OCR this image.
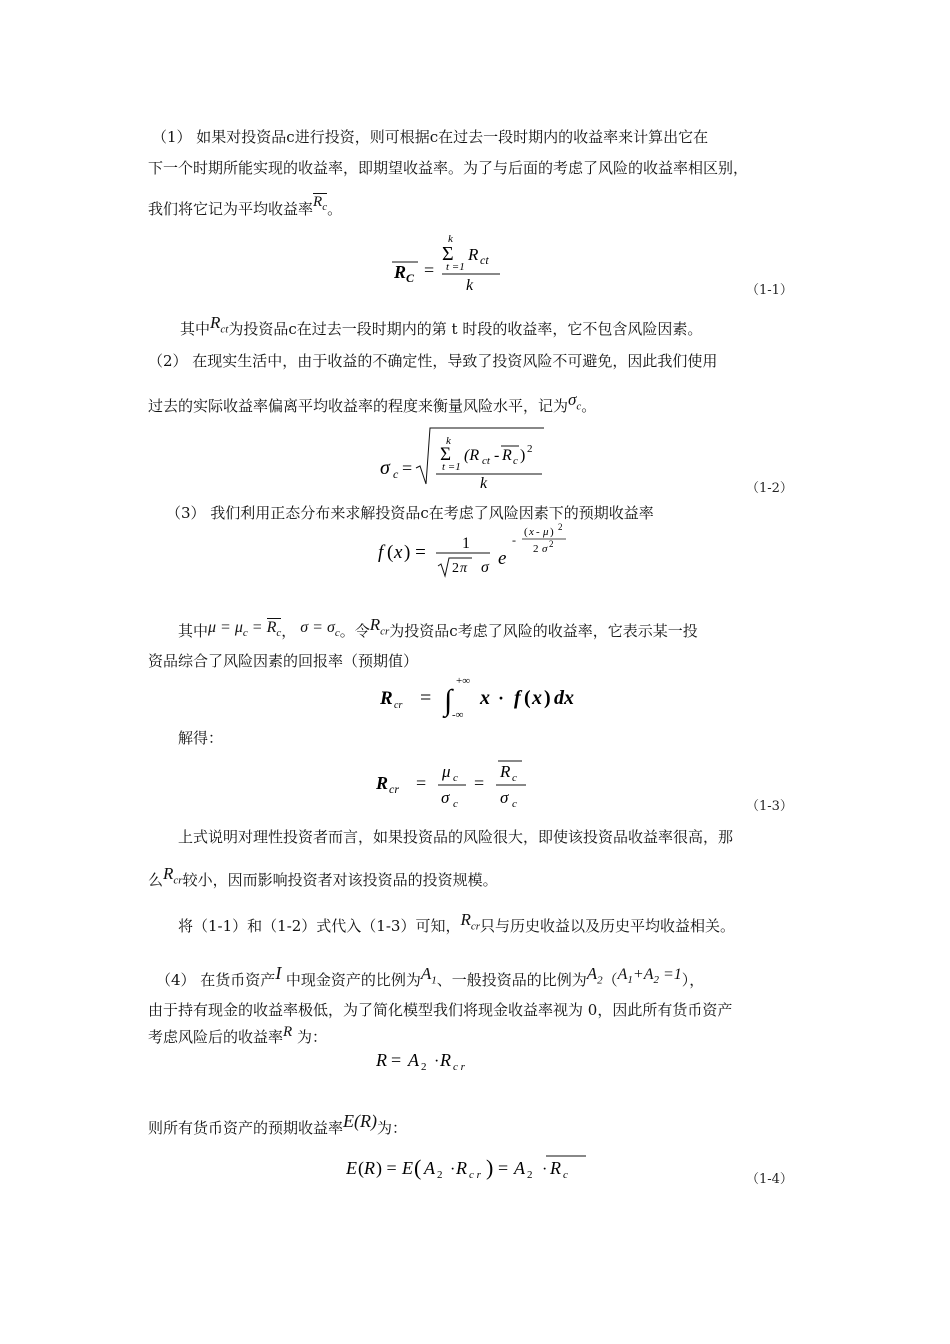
（1） 如果对投资品c进行投资，则可根据c在过去一段时期内的收益率来计算出它在
下一个时期所能实现的收益率，即期望收益率。为了与后面的考虑了风险的收益率相区别，
我们将它记为平均收益率$R_c$。
R C =
k
Σ
t =1
R ct
k	（1-1）
其中$R_{ct}$为投资品c在过去一段时期内的第 t 时段的收益率，它不包含风险因素。
（2） 在现实生活中，由于收益的不确定性，导致了投资风险不可避免，因此我们使用
过去的实际收益率偏离平均收益率的程度来衡量风险水平，记为$\sigma_c$。
σ c =
k
Σ
t =1
(R ct - R c ) 2
k	（1-2）
（3） 我们利用正态分布来求解投资品c在考虑了风险因素下的预期收益率
f ( x ) = 1
2 π σ e
-
( x - μ ) 2
2 σ 2
其中$\mu = \mu_c = R_c$， $\sigma = \sigma_c$。令$R_{cr}$为投资品c考虑了风险的收益率，它表示某一投
资品综合了风险因素的回报率（预期值）
R cr = ∫
+∞
-∞
x · f ( x ) dx
解得：
R cr =
μ c
σ c
=
R c
σ c	（1-3）
上式说明对理性投资者而言，如果投资品的风险很大，即使该投资品收益率很高，那
么$R_{cr}$较小，因而影响投资者对该投资品的投资规模。
将（1-1）和（1-2）式代入（1-3）可知，$R_{cr}$只与历史收益以及历史平均收益相关。
（4） 在货币资产I 中现金资产的比例为$A_1$、一般投资品的比例为$A_2(A_1+A_2 =1)$，
由于持有现金的收益率极低，为了简化模型我们将现金收益率视为 0，因此所有货币资产
考虑风险后的收益率R 为：
R = A 2 · R c r
则所有货币资产的预期收益率E(R)为：
E ( R ) = E ( A 2 · R c r ) = A 2 · R c	（1-4）
